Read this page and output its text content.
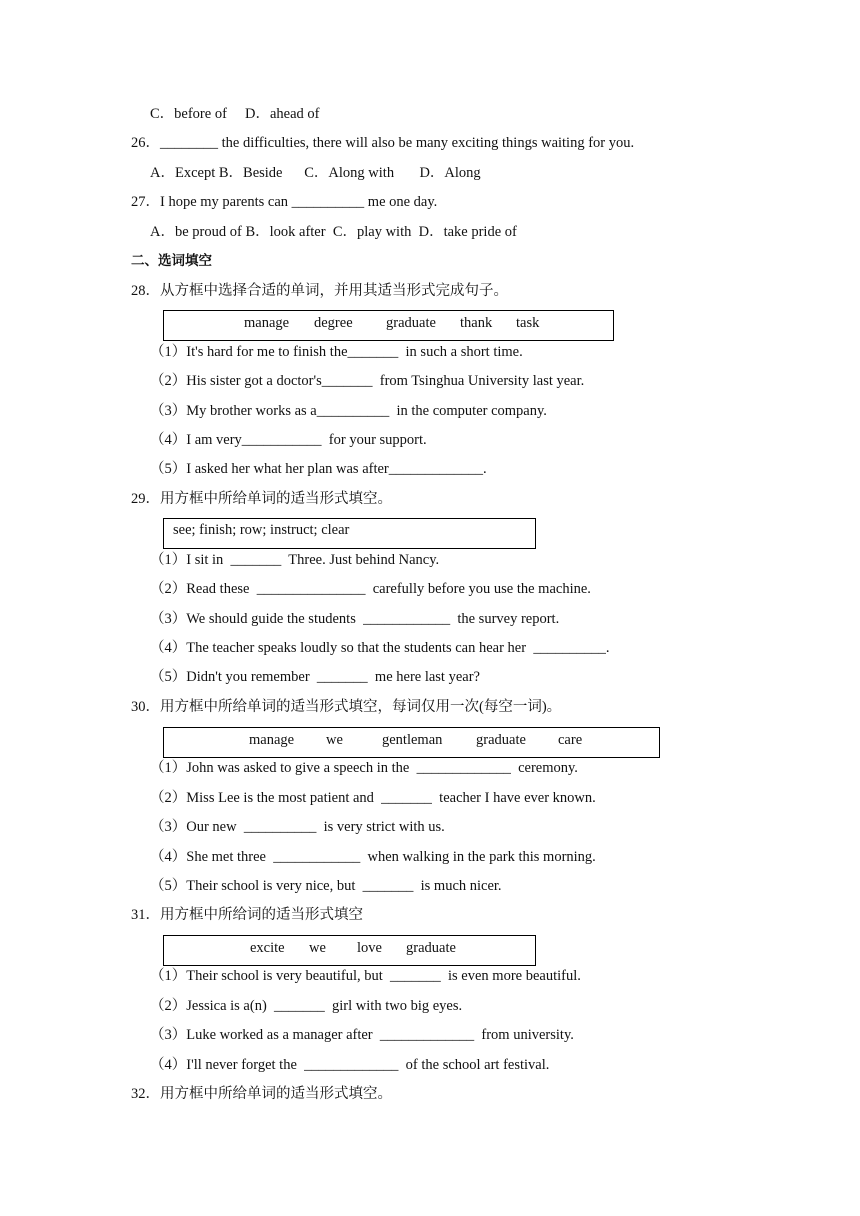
C．before of     D．ahead of
26．________ the difficulties, there will also be many exciting things waiting for you.
A．Except B．Beside      C．Along with       D．Along
27．I hope my parents can __________ me one day.
A．be proud of B．look after  C．play with  D．take pride of
二、选词填空
28．从方框中选择合适的单词，并用其适当形式完成句子。
manage degree graduate thank task
（1）It's hard for me to finish the_______  in such a short time.
（2）His sister got a doctor's_______  from Tsinghua University last year.
（3）My brother works as a__________  in the computer company.
（4）I am very___________  for your support.
（5）I asked her what her plan was after_____________.
29．用方框中所给单词的适当形式填空。
see; finish; row; instruct; clear
（1）I sit in  _______  Three. Just behind Nancy.
（2）Read these  _______________  carefully before you use the machine.
（3）We should guide the students  ____________  the survey report.
（4）The teacher speaks loudly so that the students can hear her  __________.
（5）Didn't you remember  _______  me here last year?
30．用方框中所给单词的适当形式填空，每词仅用一次(每空一词)。
manage we	gentleman graduate care
（1）John was asked to give a speech in the  _____________  ceremony.
（2）Miss Lee is the most patient and  _______  teacher I have ever known.
（3）Our new  __________  is very strict with us.
（4）She met three  ____________  when walking in the park this morning.
（5）Their school is very nice, but  _______  is much nicer.
31．用方框中所给词的适当形式填空
excite we love graduate
（1）Their school is very beautiful, but  _______  is even more beautiful.
（2）Jessica is a(n)  _______  girl with two big eyes.
（3）Luke worked as a manager after  _____________  from university.
（4）I'll never forget the  _____________  of the school art festival.
32．用方框中所给单词的适当形式填空。
